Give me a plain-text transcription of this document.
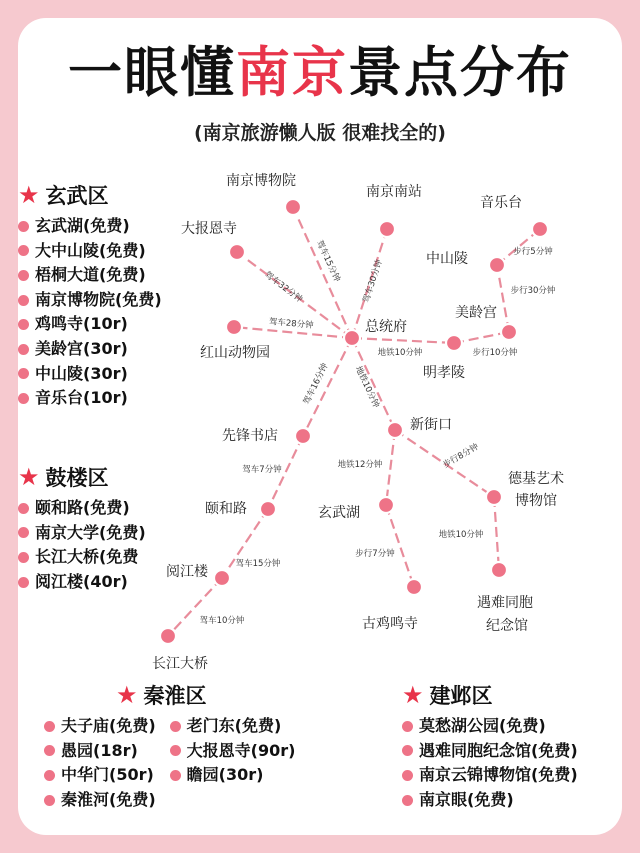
一眼懂南京景点分布
(南京旅游懒人版 很难找全的)
总统府
南京博物院
南京南站
音乐台
大报恩寺
中山陵
美龄宫
红山动物园
明孝陵
新街口
先锋书店
德基艺术
博物馆
颐和路	玄武湖
阅江楼
遇难同胞
纪念馆
古鸡鸣寺
长江大桥
驾车15分钟 驾车30分钟
驾车32分钟
驾车28分钟
地铁10分钟	步行10分钟
步行30分钟
步行5分钟
驾车16分钟	地铁10分钟
驾车7分钟	地铁12分钟	步行8分钟
驾车15分钟
步行7分钟
地铁10分钟
驾车10分钟
★ 玄武区
玄武湖(免费)
大中山陵(免费)
梧桐大道(免费)
南京博物院(免费)
鸡鸣寺(10r)
美龄宫(30r)
中山陵(30r)
音乐台(10r)
★ 鼓楼区
颐和路(免费)
南京大学(免费)
长江大桥(免费
阅江楼(40r)
★ 秦淮区
夫子庙(免费)
愚园(18r)
中华门(50r)
秦淮河(免费)
老门东(免费)
大报恩寺(90r)
瞻园(30r)
★ 建邺区
莫愁湖公园(免费)
遇难同胞纪念馆(免费)
南京云锦博物馆(免费)
南京眼(免费)
